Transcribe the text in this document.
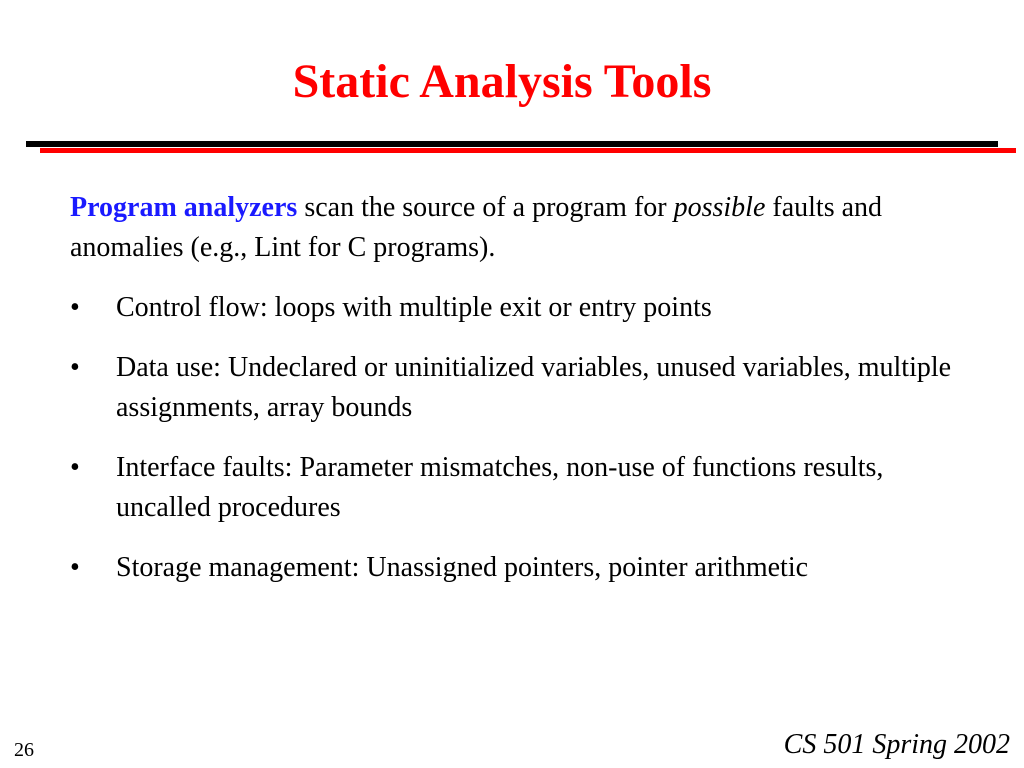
Static Analysis Tools

Program analyzers scan the source of a program for possible faults and anomalies (e.g., Lint for C programs).

• Control flow: loops with multiple exit or entry points
• Data use: Undeclared or uninitialized variables, unused variables, multiple assignments, array bounds
• Interface faults: Parameter mismatches, non-use of functions results, uncalled procedures
• Storage management: Unassigned pointers, pointer arithmetic
26	CS 501 Spring 2002
